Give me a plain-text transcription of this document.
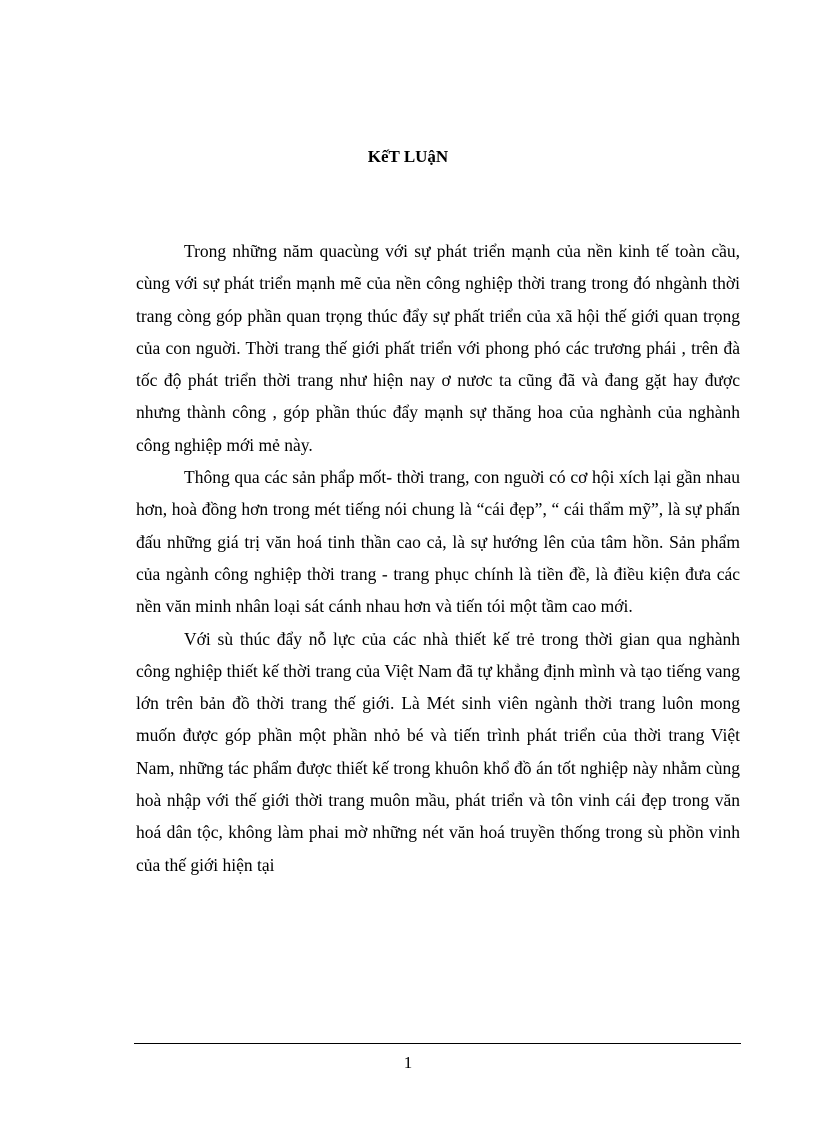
KếT LUậN

Trong những năm quacùng với sự phát triển mạnh của nền kinh tế toàn cầu, cùng với sự phát triển mạnh mẽ của nền công nghiệp thời trang trong đó nhgành thời trang còng góp phần quan trọng thúc đẩy sự phất triển của xã hội thế giới quan trọng của con nguời. Thời trang thế giới phất triển với phong phó các trương phái , trên đà tốc độ phát triển thời trang như hiện nay ơ nươc ta cũng đã và đang gặt hay được nhưng thành công , góp phần thúc đẩy mạnh sự thăng hoa của nghành của nghành công nghiệp mới mẻ này.

Thông qua các sản phẩp mốt- thời trang, con nguời có cơ hội xích lại gần nhau hơn, hoà đồng hơn trong mét tiếng nói chung là “cái đẹp”, “ cái thẩm mỹ”, là sự phấn đấu những giá trị văn hoá tinh thần cao cả, là sự hướng lên của tâm hồn. Sản phẩm của ngành công nghiệp thời trang - trang phục chính là tiền đề, là điều kiện đưa các nền văn minh nhân loại sát cánh nhau hơn và tiến tói một tầm cao mới.

Với sù thúc đẩy nỗ lực của các nhà thiết kế trẻ trong thời gian qua nghành công nghiệp thiết kế thời trang của Việt Nam đã tự khẳng định mình và tạo tiếng vang lớn trên bản đồ thời trang thế giới. Là Mét sinh viên ngành thời trang luôn mong muốn được góp phần một phần nhỏ bé và tiến trình phát triển của thời trang Việt Nam, những tác phẩm được thiết kế trong khuôn khổ đồ án tốt nghiệp này nhằm cùng hoà nhập với thế giới thời trang muôn mầu, phát triển và tôn vinh cái đẹp trong văn hoá dân tộc, không làm phai mờ những nét văn hoá truyền thống trong sù phồn vinh của thế giới hiện tại

1
